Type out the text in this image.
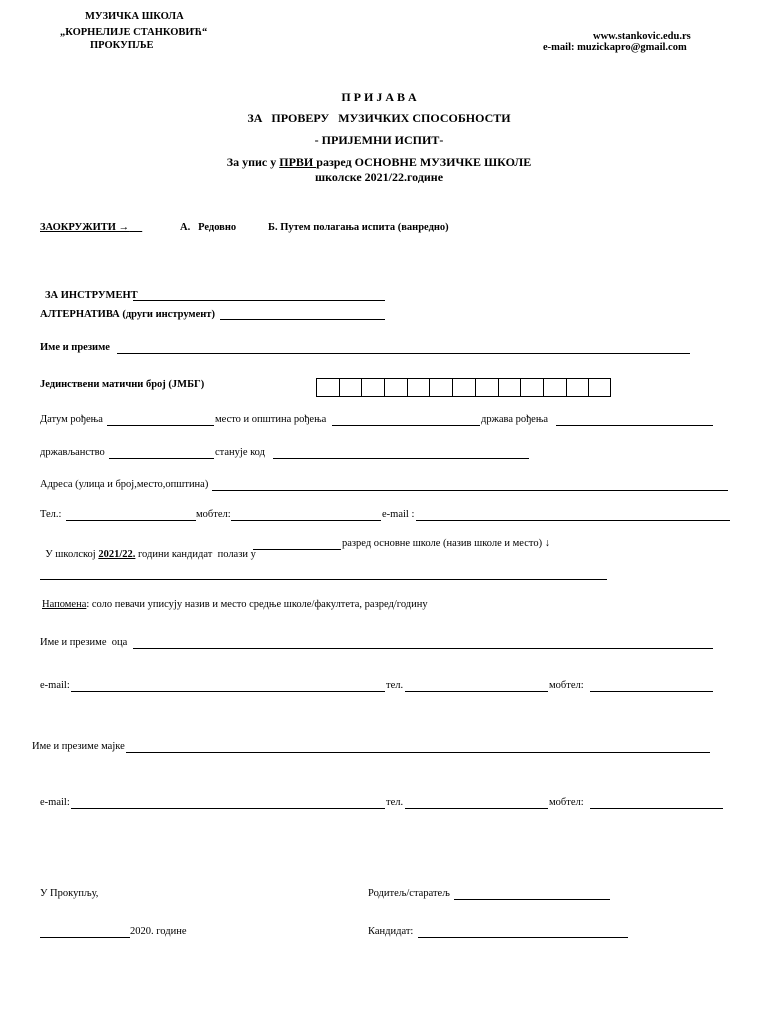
МУЗИЧКА ШКОЛА
„КОРНЕЛИЈЕ СТАНКОВИЋ“
ПРОКУПЉЕ
www.stankovic.edu.rs
e-mail: muzickapro@gmail.com
П Р И Ј А В А
ЗА   ПРОВЕРУ   МУЗИЧКИХ СПОСОБНОСТИ
- ПРИЈЕМНИ ИСПИТ-
За упис у ПРВИ разред ОСНОВНЕ МУЗИЧКЕ ШКОЛЕ
школске 2021/22.године
ЗАОКРУЖИТИ →	А.   Редовно	Б. Путем полагања испита (ванредно)
ЗА ИНСТРУМЕНТ
АЛТЕРНАТИВА (други инструмент)
Име и презиме
Јединствени матични број (ЈМБГ)
Датум рођења	место и општина рођења	држава рођења
држављанство	станује код
Адреса (улица и број,место,општина)
Тел.:	мобтел:	e-mail :

У школској 2021/22. години кандидат  полази у

разред основне школе (назив школе и место) ↓
Напомена: соло певачи уписују назив и место средње школе/факултета, разред/годину
Име и презиме  оца
e-mail:	тел.	мобтел:
Име и презиме мајке
e-mail:	тел.	мобтел:
У Прокупљу,	Родитељ/старатељ
2020. године	Кандидат:
